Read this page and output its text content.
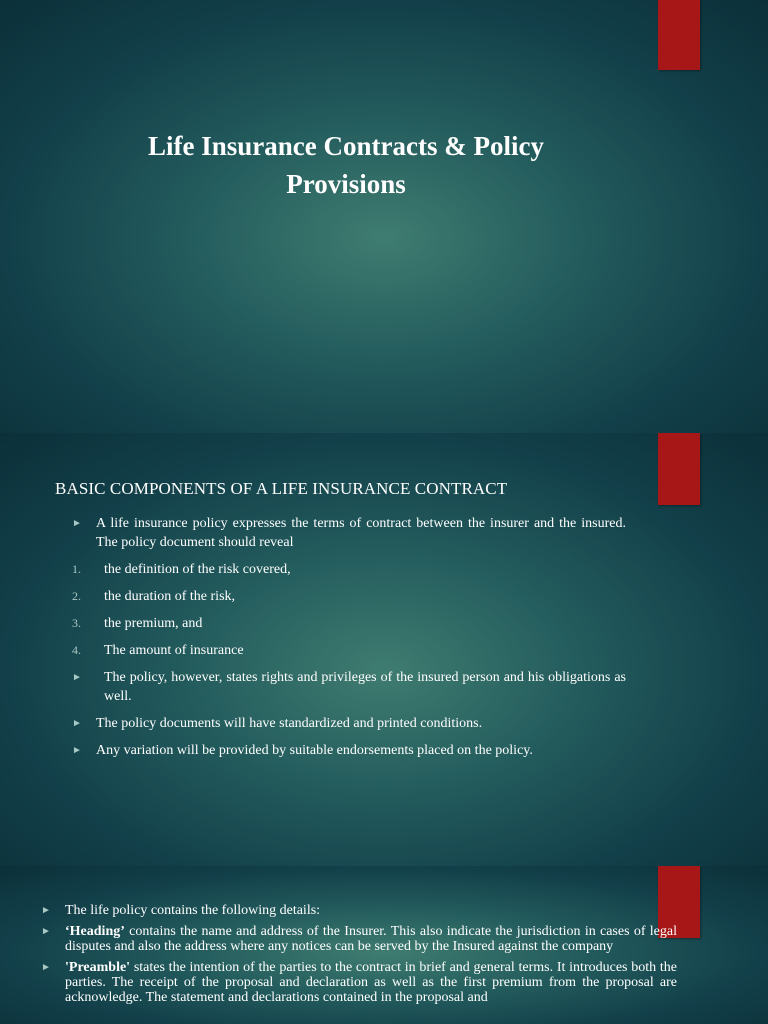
Life Insurance Contracts & Policy Provisions
BASIC COMPONENTS OF A LIFE INSURANCE CONTRACT
► A life insurance policy expresses the terms of contract between the insurer and the insured. The policy document should reveal
1. the definition of the risk covered,
2. the duration of the risk,
3. the premium, and
4. The amount of insurance
► The policy, however, states rights and privileges of the insured person and his obligations as well.
► The policy documents will have standardized and printed conditions.
► Any variation will be provided by suitable endorsements placed on the policy.
► The life policy contains the following details:
► ‘Heading’ contains the name and address of the Insurer. This also indicate the jurisdiction in cases of legal disputes and also the address where any notices can be served by the Insured against the company
► 'Preamble' states the intention of the parties to the contract in brief and general terms. It introduces both the parties. The receipt of the proposal and declaration as well as the first premium from the proposal are acknowledge. The statement and declarations contained in the proposal and
